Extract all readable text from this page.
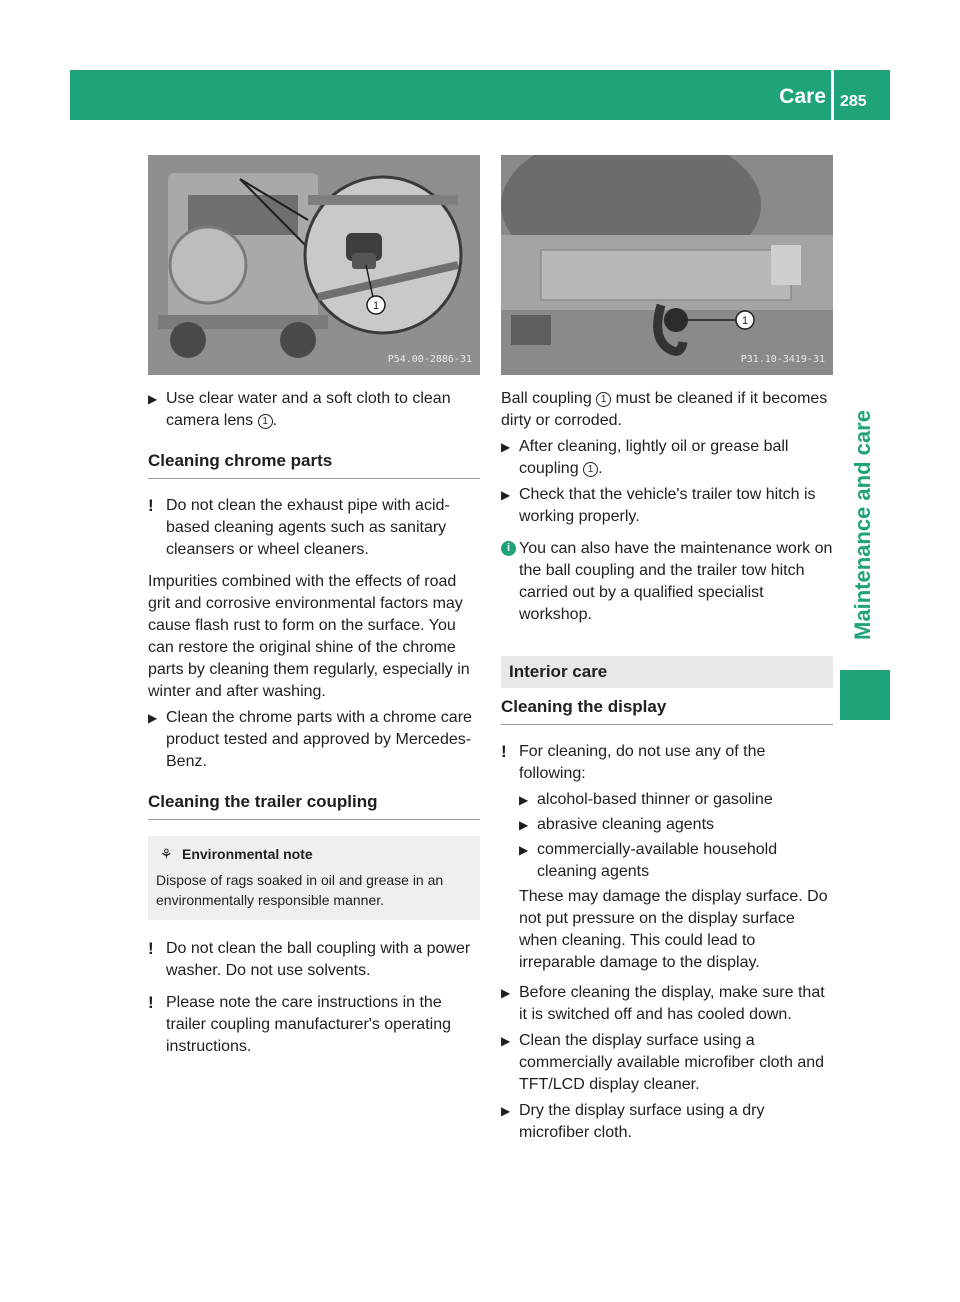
Care 285
Maintenance and care
1
P54.00-2886-31
1
P31.10-3419-31
▶ Use clear water and a soft cloth to clean
camera lens 1 .
Cleaning chrome parts
! Do not clean the exhaust pipe with acid-based cleaning agents such as sanitary cleansers or wheel cleaners.

Impurities combined with the effects of road grit and corrosive environmental factors may cause flash rust to form on the surface. You can restore the original shine of the chrome parts by cleaning them regularly, especially in winter and after washing.

▶ Clean the chrome parts with a chrome care product tested and approved by Mercedes-Benz.
Cleaning the trailer coupling
⚘ Environmental note
Dispose of rags soaked in oil and grease in an environmentally responsible manner.
! Do not clean the ball coupling with a power washer. Do not use solvents.
! Please note the care instructions in the trailer coupling manufacturer's operating instructions.

Ball coupling 1 must be cleaned if it becomes dirty or corroded.

▶ After cleaning, lightly oil or grease ball coupling 1 .
▶ Check that the vehicle's trailer tow hitch is working properly.
i You can also have the maintenance work on the ball coupling and the trailer tow hitch carried out by a qualified specialist workshop.
Interior care
Cleaning the display
! For cleaning, do not use any of the following:
▶ alcohol-based thinner or gasoline
▶ abrasive cleaning agents
▶ commercially-available household cleaning agents

These may damage the display surface. Do not put pressure on the display surface when cleaning. This could lead to irreparable damage to the display.

▶ Before cleaning the display, make sure that it is switched off and has cooled down.
▶ Clean the display surface using a commercially available microfiber cloth and TFT/LCD display cleaner.
▶ Dry the display surface using a dry microfiber cloth.
